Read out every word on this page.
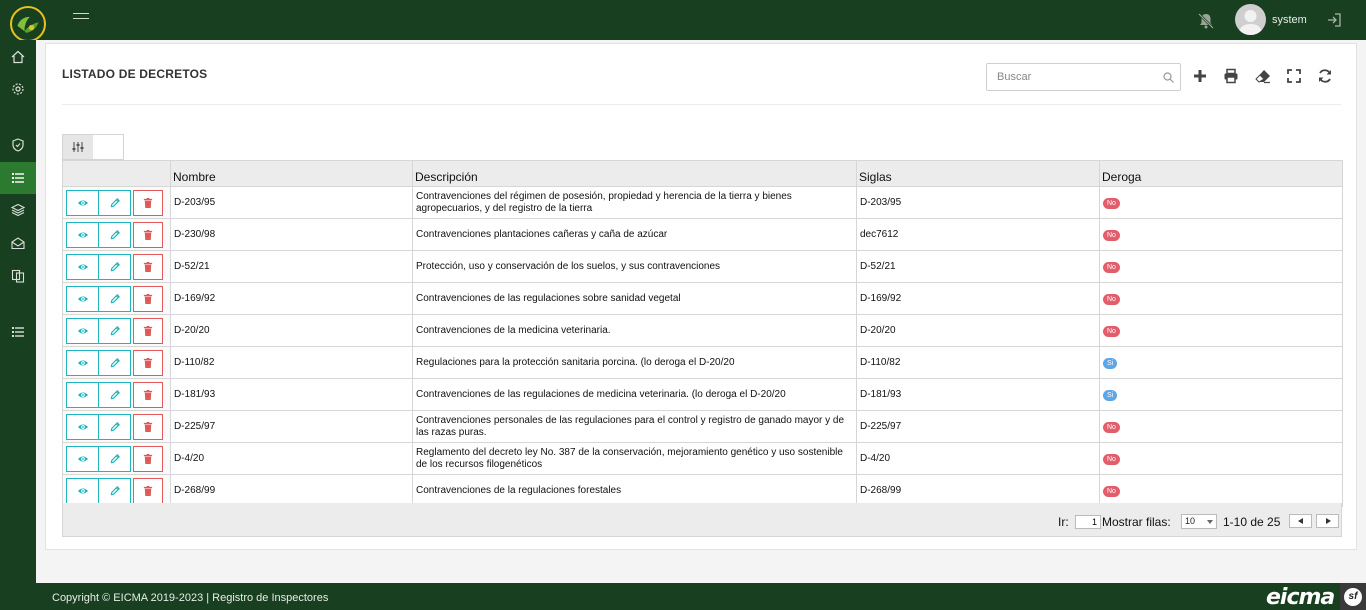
system
LISTADO DE DECRETOS
Buscar
	Nombre	Descripción	Siglas	Deroga

	D-203/95	Contravenciones del régimen de posesión, propiedad y herencia de la tierra y bienes agropecuarios, y del registro de la tierra	D-203/95	No

	D-230/98	Contravenciones plantaciones cañeras y caña de azúcar	dec7612	No

	D-52/21	Protección, uso y conservación de los suelos, y sus contravenciones	D-52/21	No

	D-169/92	Contravenciones de las regulaciones sobre sanidad vegetal	D-169/92	No

	D-20/20	Contravenciones de la medicina veterinaria.	D-20/20	No

	D-110/82	Regulaciones para la protección sanitaria porcina. (lo deroga el D-20/20	D-110/82	Si

	D-181/93	Contravenciones de las regulaciones de medicina veterinaria. (lo deroga el D-20/20	D-181/93	Si

	D-225/97	Contravenciones personales de las regulaciones para el control y registro de ganado mayor y de las razas puras.	D-225/97	No

	D-4/20	Reglamento del decreto ley No. 387 de la conservación, mejoramiento genético y uso sostenible de los recursos filogenéticos	D-4/20	No

	D-268/99	Contravenciones de la regulaciones forestales	D-268/99	No
Ir:
1	Mostrar filas:	10	1-10 de 25
Copyright © EICMA 2019-2023 | Registro de Inspectores	eicma	sf
